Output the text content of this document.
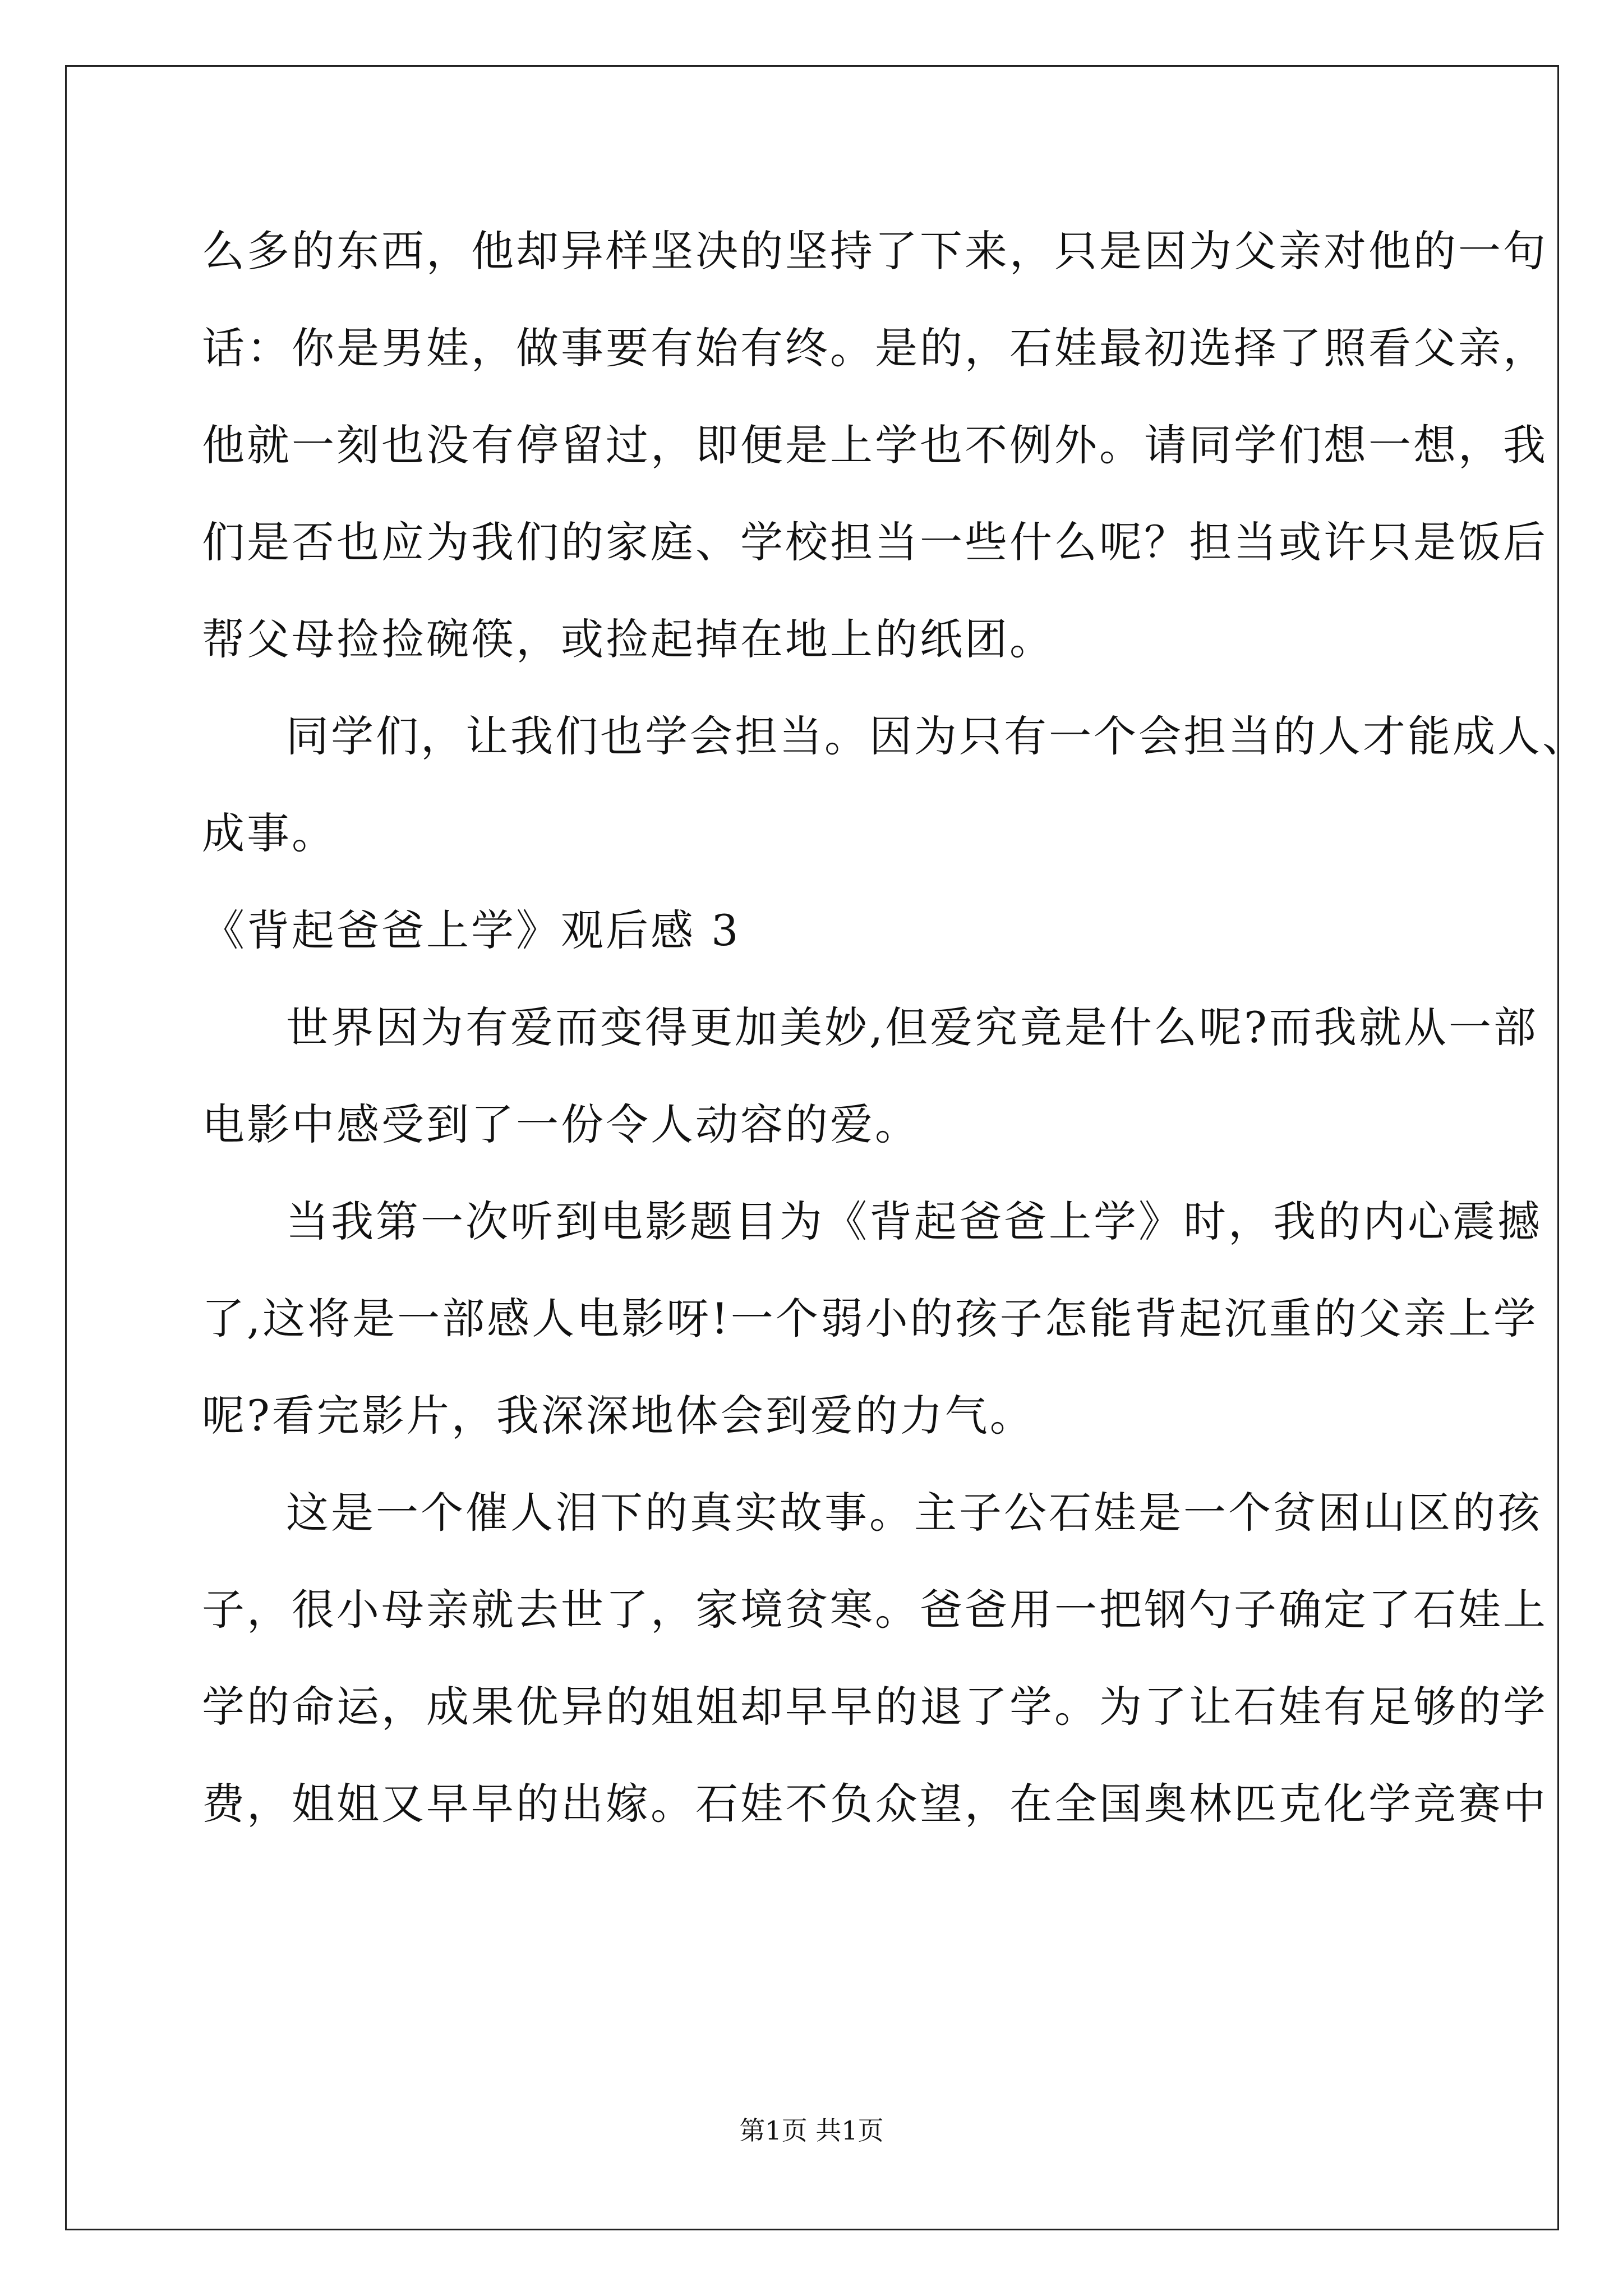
么多的东西，他却异样坚决的坚持了下来，只是因为父亲对他的一句
话：你是男娃，做事要有始有终。是的，石娃最初选择了照看父亲，
他就一刻也没有停留过，即便是上学也不例外。请同学们想一想，我
们是否也应为我们的家庭、学校担当一些什么呢？担当或许只是饭后
帮父母捡捡碗筷，或捡起掉在地上的纸团。
同学们，让我们也学会担当。因为只有一个会担当的人才能成人、
成事。
《背起爸爸上学》观后感 3
世界因为有爱而变得更加美妙,但爱究竟是什么呢?而我就从一部
电影中感受到了一份令人动容的爱。
当我第一次听到电影题目为《背起爸爸上学》时，我的内心震撼
了,这将是一部感人电影呀!一个弱小的孩子怎能背起沉重的父亲上学
呢?看完影片，我深深地体会到爱的力气。
这是一个催人泪下的真实故事。主子公石娃是一个贫困山区的孩
子，很小母亲就去世了，家境贫寒。爸爸用一把钢勺子确定了石娃上
学的命运，成果优异的姐姐却早早的退了学。为了让石娃有足够的学
费，姐姐又早早的出嫁。石娃不负众望，在全国奥林匹克化学竞赛中
第1页 共1页
